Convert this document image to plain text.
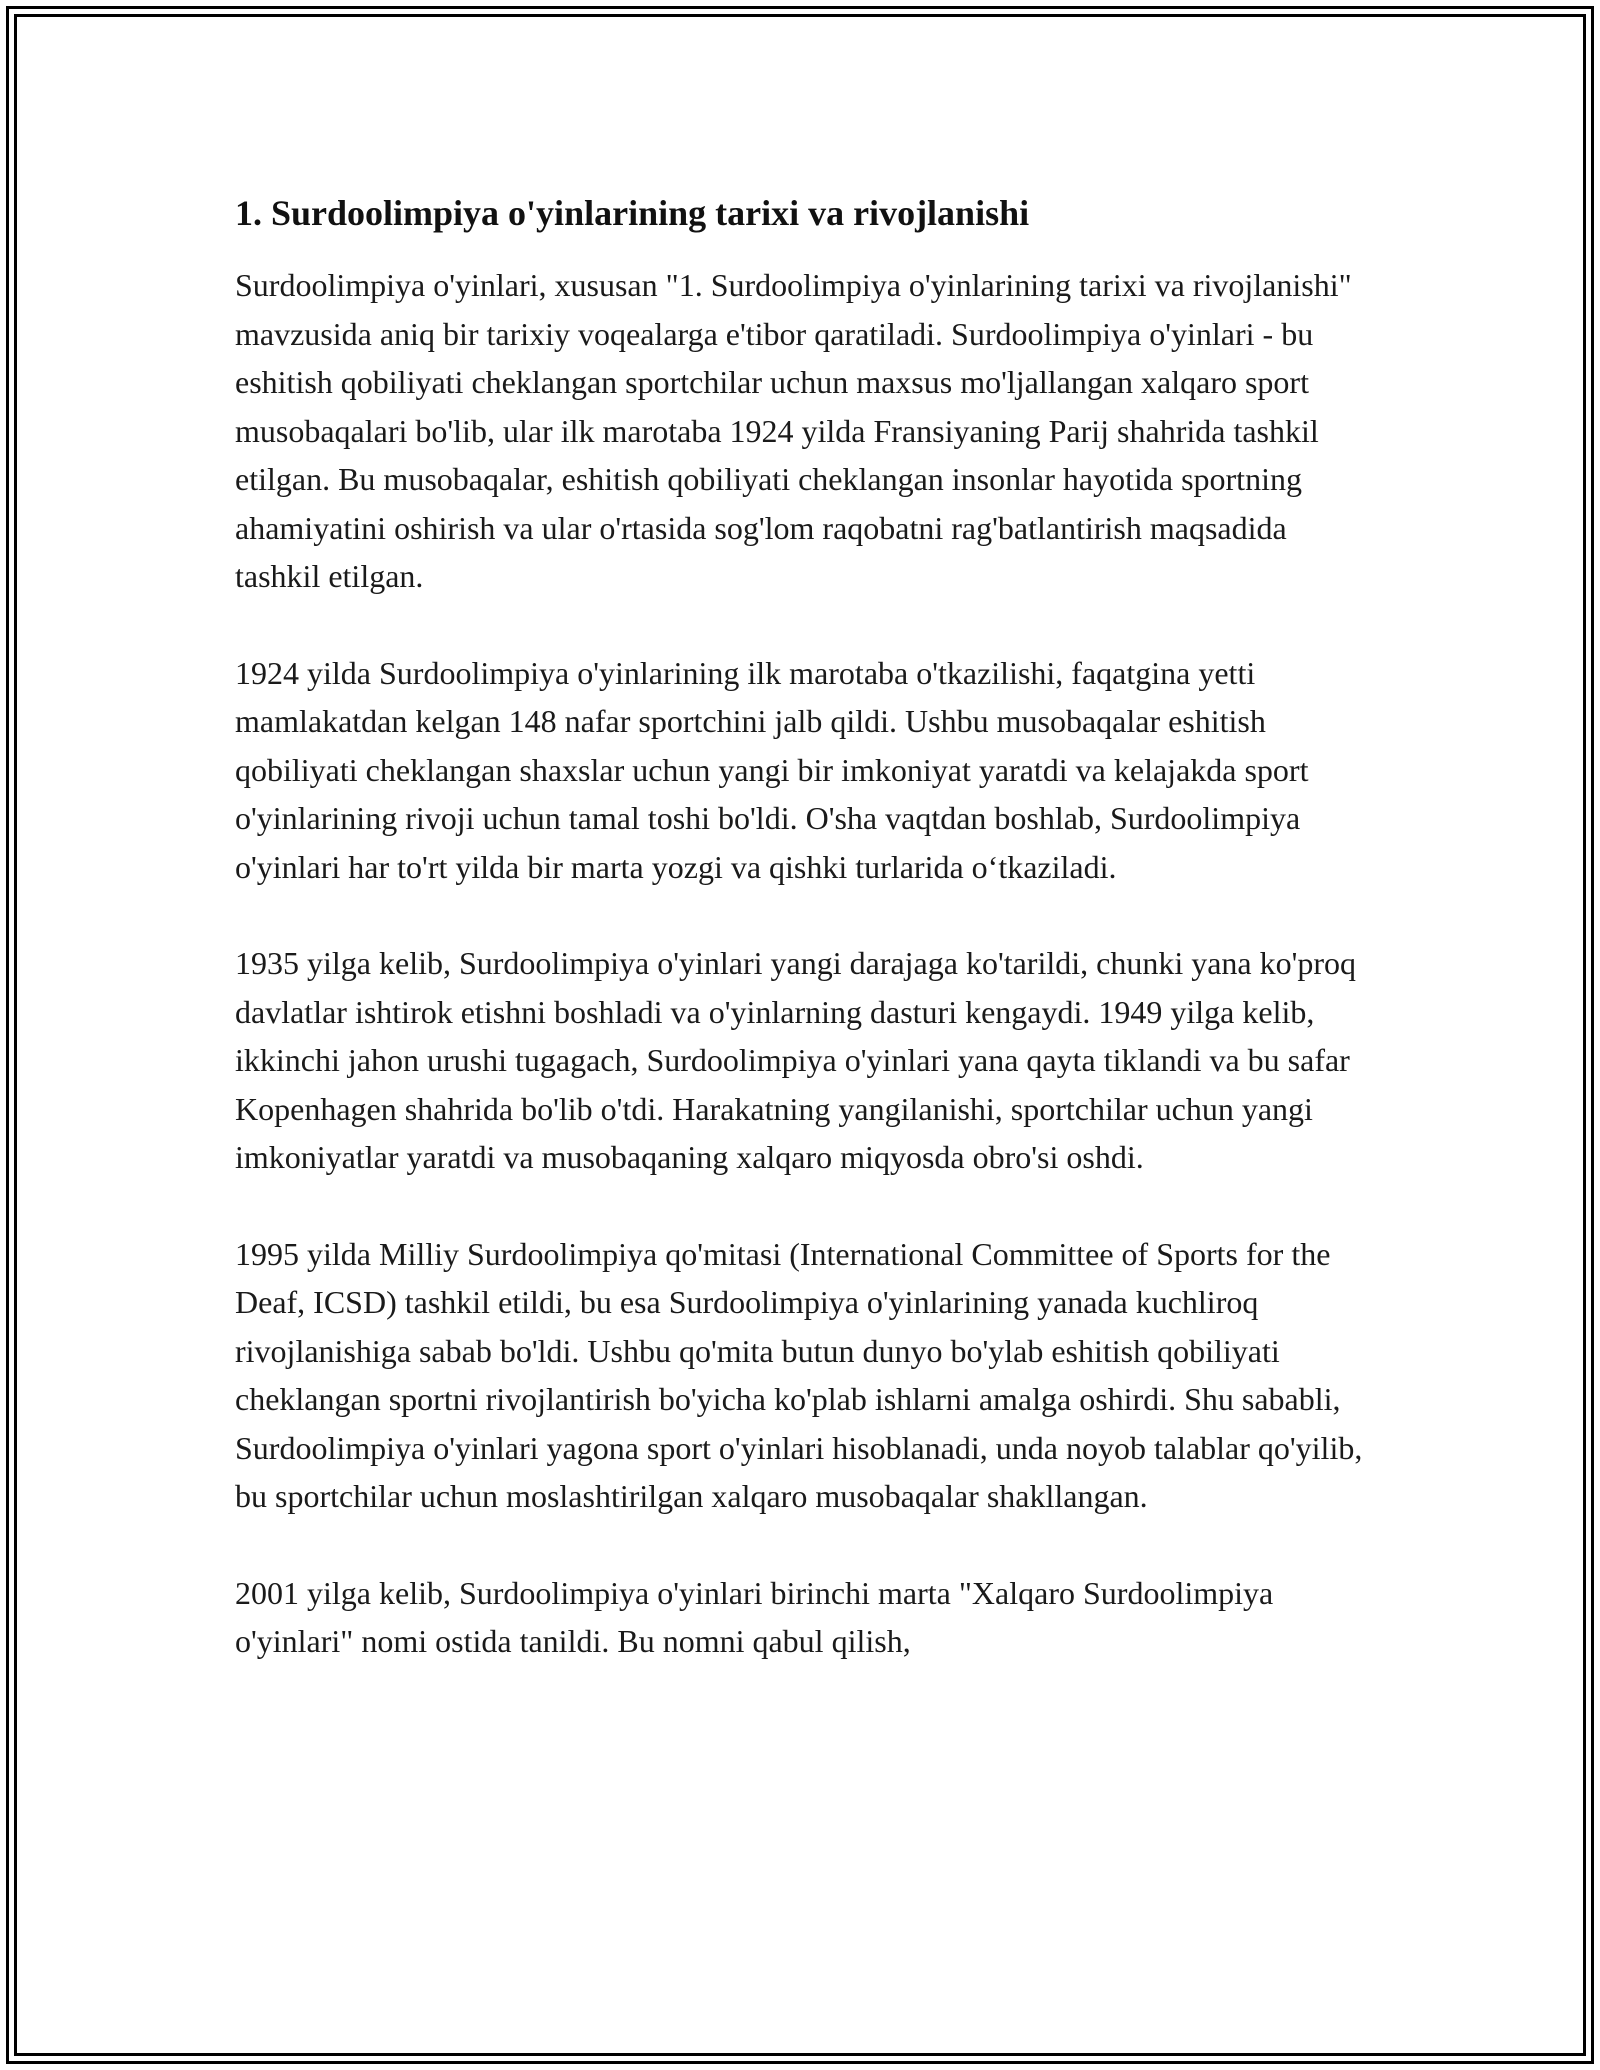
1. Surdoolimpiya o'yinlarining tarixi va rivojlanishi

Surdoolimpiya o'yinlari, xususan "1. Surdoolimpiya o'yinlarining tarixi va rivojlanishi" mavzusida aniq bir tarixiy voqealarga e'tibor qaratiladi. Surdoolimpiya o'yinlari - bu eshitish qobiliyati cheklangan sportchilar uchun maxsus mo'ljallangan xalqaro sport musobaqalari bo'lib, ular ilk marotaba 1924 yilda Fransiyaning Parij shahrida tashkil etilgan. Bu musobaqalar, eshitish qobiliyati cheklangan insonlar hayotida sportning ahamiyatini oshirish va ular o'rtasida sog'lom raqobatni rag'batlantirish maqsadida tashkil etilgan.

1924 yilda Surdoolimpiya o'yinlarining ilk marotaba o'tkazilishi, faqatgina yetti mamlakatdan kelgan 148 nafar sportchini jalb qildi. Ushbu musobaqalar eshitish qobiliyati cheklangan shaxslar uchun yangi bir imkoniyat yaratdi va kelajakda sport o'yinlarining rivoji uchun tamal toshi bo'ldi. O'sha vaqtdan boshlab, Surdoolimpiya o'yinlari har to'rt yilda bir marta yozgi va qishki turlarida o‘tkaziladi.

1935 yilga kelib, Surdoolimpiya o'yinlari yangi darajaga ko'tarildi, chunki yana ko'proq davlatlar ishtirok etishni boshladi va o'yinlarning dasturi kengaydi. 1949 yilga kelib, ikkinchi jahon urushi tugagach, Surdoolimpiya o'yinlari yana qayta tiklandi va bu safar Kopenhagen shahrida bo'lib o'tdi. Harakatning yangilanishi, sportchilar uchun yangi imkoniyatlar yaratdi va musobaqaning xalqaro miqyosda obro'si oshdi.

1995 yilda Milliy Surdoolimpiya qo'mitasi (International Committee of Sports for the Deaf, ICSD) tashkil etildi, bu esa Surdoolimpiya o'yinlarining yanada kuchliroq rivojlanishiga sabab bo'ldi. Ushbu qo'mita butun dunyo bo'ylab eshitish qobiliyati cheklangan sportni rivojlantirish bo'yicha ko'plab ishlarni amalga oshirdi. Shu sababli, Surdoolimpiya o'yinlari yagona sport o'yinlari hisoblanadi, unda noyob talablar qo'yilib, bu sportchilar uchun moslashtirilgan xalqaro musobaqalar shakllangan.

2001 yilga kelib, Surdoolimpiya o'yinlari birinchi marta "Xalqaro Surdoolimpiya o'yinlari" nomi ostida tanildi. Bu nomni qabul qilish,
